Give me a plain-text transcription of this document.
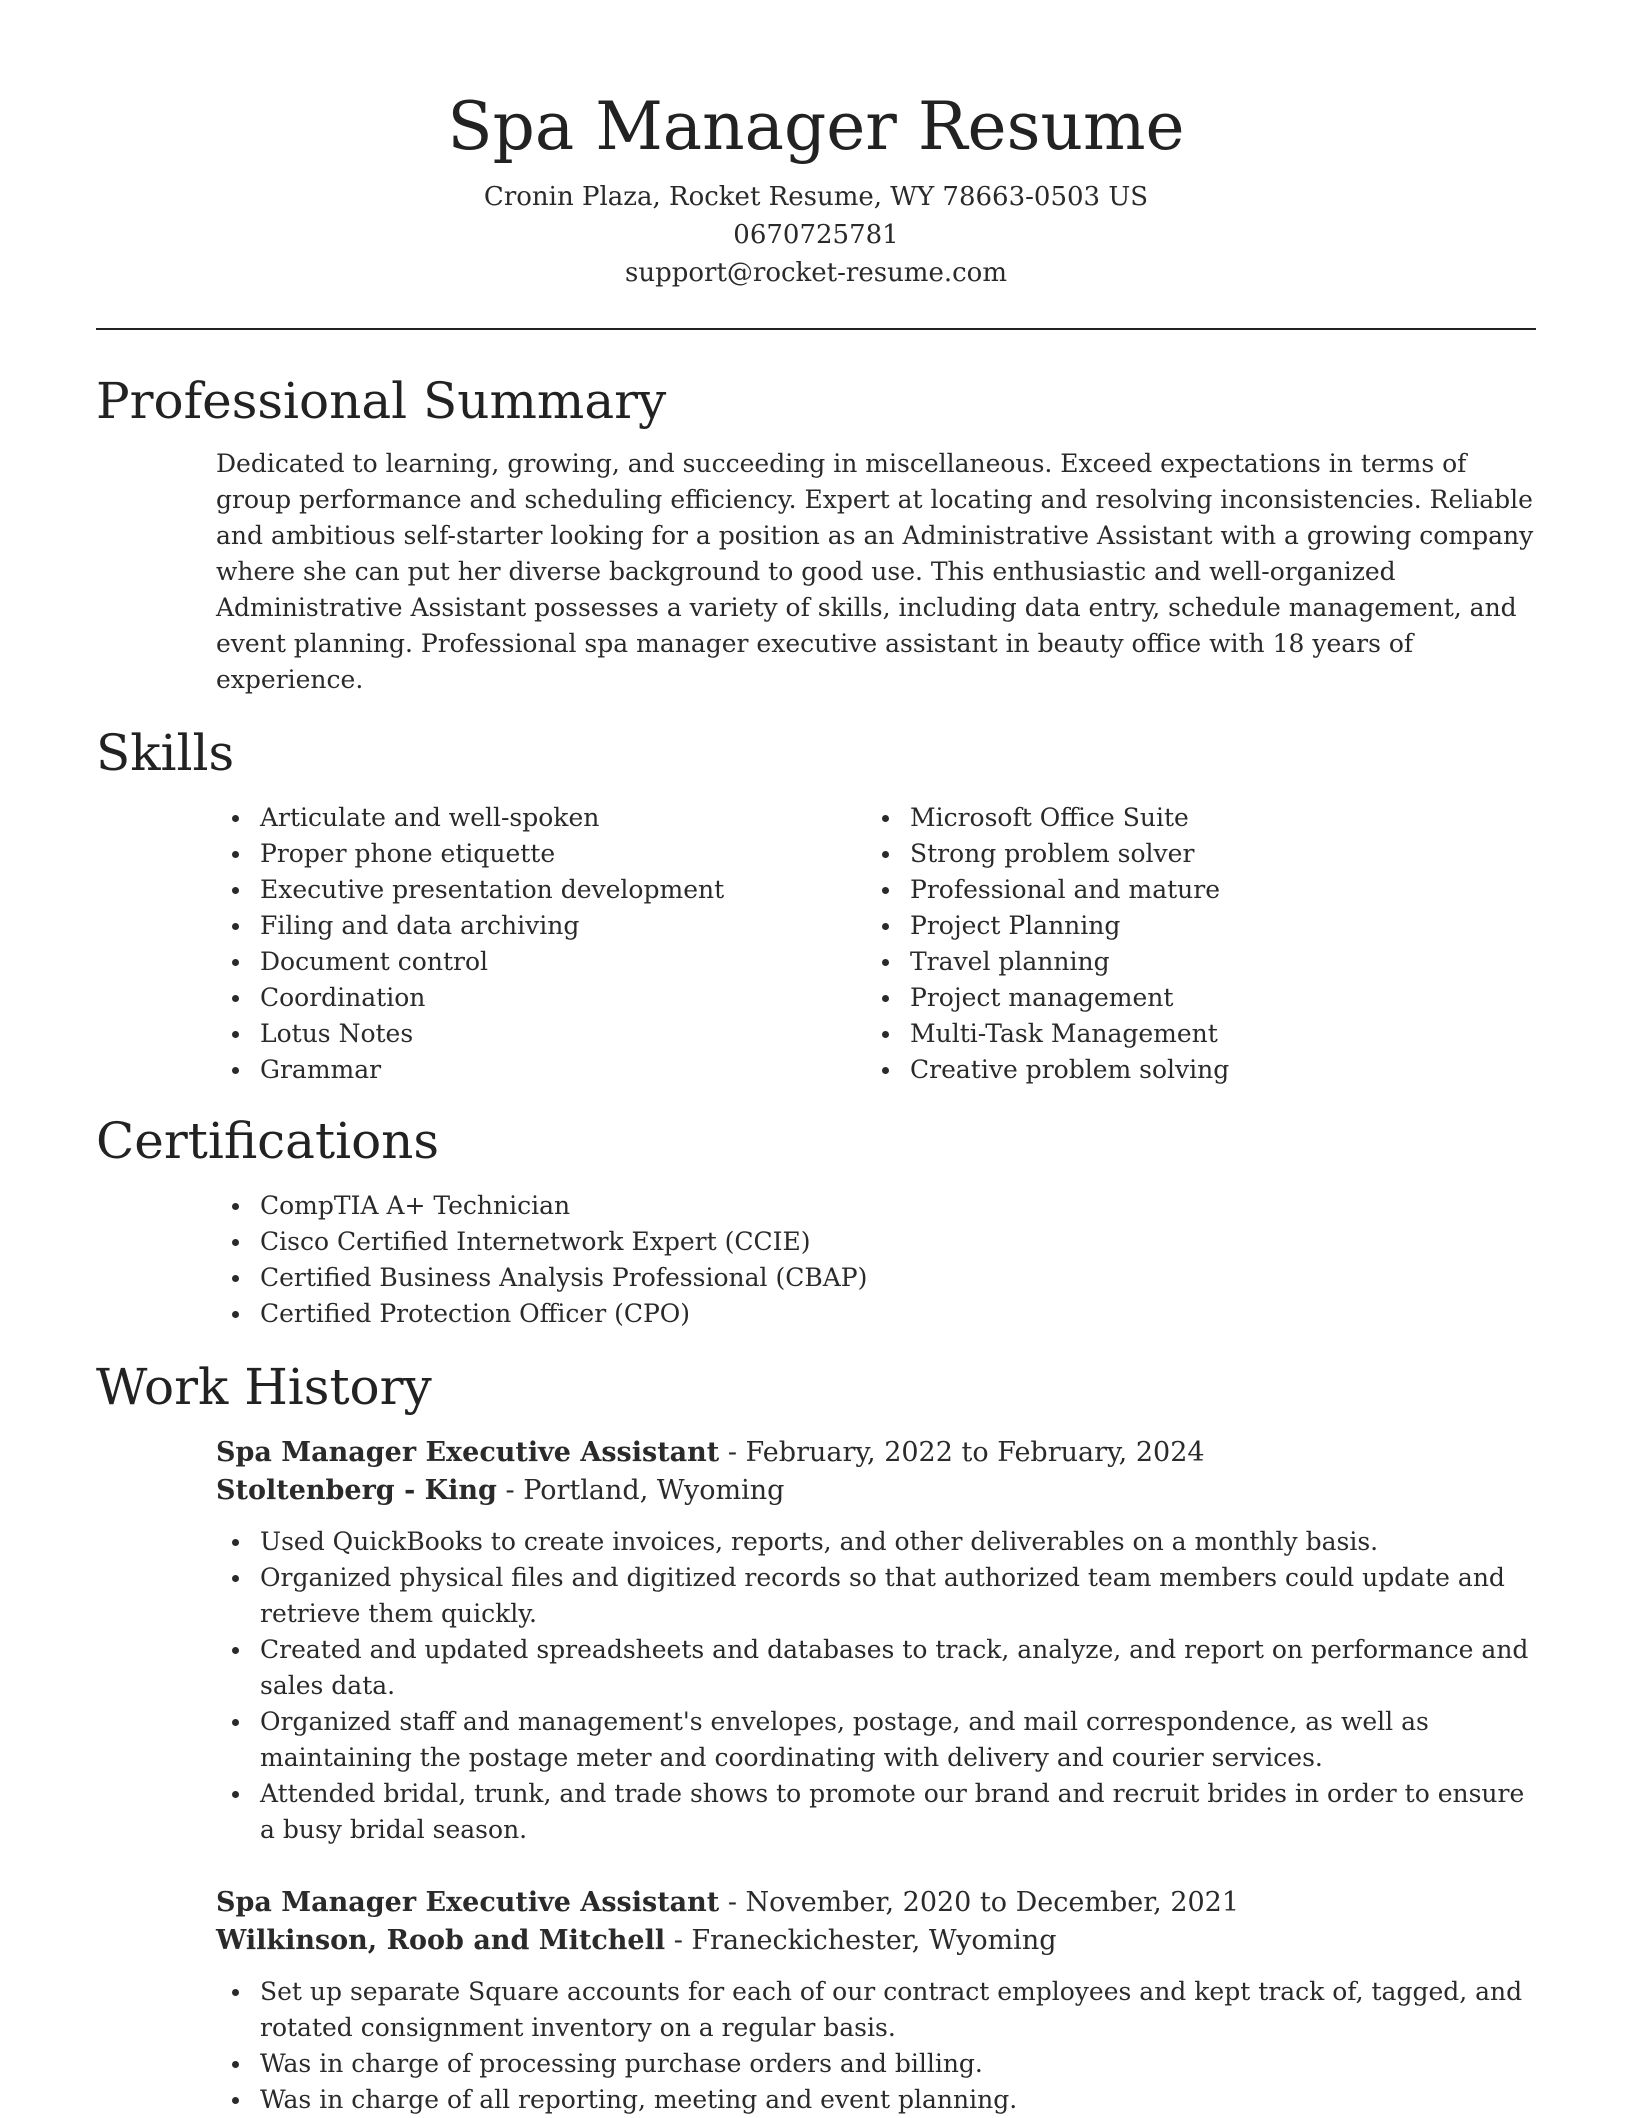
Spa Manager Resume

Cronin Plaza, Rocket Resume, WY 78663-0503 US

0670725781

support@rocket-resume.com

Professional Summary

Dedicated to learning, growing, and succeeding in miscellaneous. Exceed expectations in terms of group performance and scheduling efficiency. Expert at locating and resolving inconsistencies. Reliable and ambitious self-starter looking for a position as an Administrative Assistant with a growing company where she can put her diverse background to good use. This enthusiastic and well-organized Administrative Assistant possesses a variety of skills, including data entry, schedule management, and event planning. Professional spa manager executive assistant in beauty office with 18 years of experience.

Skills
Articulate and well-spoken
Proper phone etiquette
Executive presentation development
Filing and data archiving
Document control
Coordination
Lotus Notes
Grammar
Microsoft Office Suite
Strong problem solver
Professional and mature
Project Planning
Travel planning
Project management
Multi-Task Management
Creative problem solving
Certifications
CompTIA A+ Technician
Cisco Certified Internetwork Expert (CCIE)
Certified Business Analysis Professional (CBAP)
Certified Protection Officer (CPO)
Work History

Spa Manager Executive Assistant - February, 2022 to February, 2024

Stoltenberg - King - Portland, Wyoming

Used QuickBooks to create invoices, reports, and other deliverables on a monthly basis.
Organized physical files and digitized records so that authorized team members could update and retrieve them quickly.
Created and updated spreadsheets and databases to track, analyze, and report on performance and sales data.
Organized staff and management's envelopes, postage, and mail correspondence, as well as maintaining the postage meter and coordinating with delivery and courier services.
Attended bridal, trunk, and trade shows to promote our brand and recruit brides in order to ensure a busy bridal season.

Spa Manager Executive Assistant - November, 2020 to December, 2021

Wilkinson, Roob and Mitchell - Franeckichester, Wyoming

Set up separate Square accounts for each of our contract employees and kept track of, tagged, and rotated consignment inventory on a regular basis.
Was in charge of processing purchase orders and billing.
Was in charge of all reporting, meeting and event planning.
